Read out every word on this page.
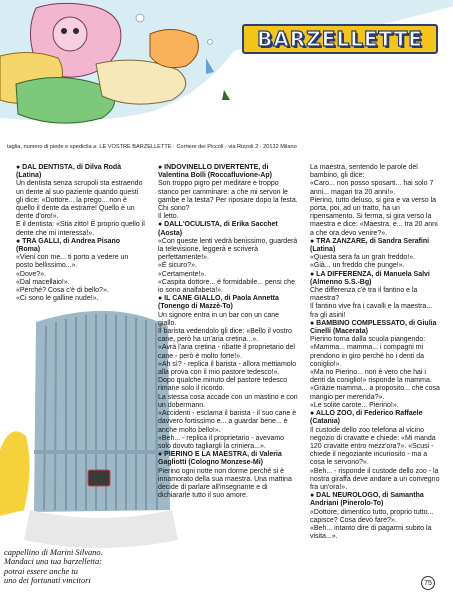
BARZELLETTE
taglia, numero di piede e spedicila a: LE VOSTRE BARZELLETTE · Corriere dei Piccoli · via Rizzoli 2 · 20132 Milano

● DAL DENTISTA, di Dilva Rodà (Latina)

Un dentista senza scrupoli sta estraendo un dente al suo paziente quando questi gli dice: «Dottore... la prego... non è quello il dente da estrarre! Quello è un dente d'oro!».

E il dentista: «Stia zitto! È proprio quello il dente che mi interessa!».

● TRA GALLI, di Andrea Pisano (Roma)

«Vieni con me... ti porto a vedere un posto bellissimo...».

«Dove?».

«Dal macellaio!».

«Perché? Cosa c'è di bello?».

«Ci sono le galline nude!».

● INDOVINELLO DIVERTENTE, di Valentina Bolli (Roccafluvione-Ap)

Son troppo pigro per meditare e troppo stanco per camminare: a che mi servon le gambe e la testa? Per riposare dopo la festa. Chi sono?

Il letto.

● DALL'OCULISTA, di Erika Sacchet (Aosta)

«Con queste lenti vedrà benissimo, guarderà la televisione, leggerà e scriverà perfettamente!».

«È sicuro?».

«Certamente!».

«Caspita dottore... è formidabile... pensi che io sono analfabeta!».

● IL CANE GIALLO, di Paola Annetta (Tonengo di Mazzè-To)

Un signore entra in un bar con un cane giallo.

Il barista vedendolo gli dice: «Bello il vostro cane, però ha un'aria cretina...».

«Avrà l'aria cretina - ribatte il proprietario del cane - però è molto forte!».

«Ah sì? - replica il barista - allora mettiamolo alla prova con il mio pastore tedesco!».

Dopo qualche minuto del pastore tedesco rimane solo il ricordo.

La stessa cosa accade con un mastino e con un dobermann.

«Accidenti - esclama il barista - il suo cane è davvero fortissimo e... a guardar bene... è anche molto bello!».

«Beh... - replica il proprietario - avevamo solo dovuto tagliargli la criniera...».

● PIERINO E LA MAESTRA, di Valeria Gagliotti (Cologno Monzese-Mi)

Pierino ogni notte non dorme perché si è innamorato della sua maestra. Una mattina decide di parlare all'insegnante e di dichiararle tutto il suo amore.

La maestra, sentendo le parole del bambino, gli dice:

«Caro... non posso sposarti... hai solo 7 anni... magari tra 20 anni!».

Pierino, tutto deluso, si gira e va verso la porta, poi, ad un tratto, ha un ripensamento. Si ferma, si gira verso la maestra e dice: «Maestra, e... tra 20 anni a che ora devo venire?».

● TRA ZANZARE, di Sandra Serafini (Latina)

«Questa sera fa un gran freddo!».

«Già... un freddo che punge!».

● LA DIFFERENZA, di Manuela Salvi (Almenno S.S.-Bg)

Che differenza c'è tra il fantino e la maestra?

Il fantino vive fra i cavalli e la maestra... fra gli asini!

● BAMBINO COMPLESSATO, di Giulia Cinelli (Macerata)

Pierino torna dalla scuola piangendo: «Mamma... mamma... i compagni mi prendono in giro perché ho i denti da coniglio!».

«Ma no Pierino... non è vero che hai i denti da coniglio!» risponde la mamma.

«Grazie mamma... a proposito... che cosa mangio per merenda?».

«Le solite carote... Pierino!».

● ALLO ZOO, di Federico Raffaele (Catania)

Il custode dello zoo telefona al vicino negozio di cravatte e chiede: «Mi manda 120 cravatte entro mezz'ora?». «Scusi - chiede il negoziante incuriosito - ma a cosa le servono?».

«Beh... - risponde il custode dello zoo - la nostra giraffa deve andare a un convegno fra un'ora!».

● DAL NEUROLOGO, di Samantha Andriani (Pinerolo-To)

«Dottore, dimentico tutto, proprio tutto... capisce? Cosa devo fare?».

«Beh... intanto dire di pagarmi subito la visita...».

cappellino di Marini Silvano.

Mandaci una tua barzelletta:

potrai essere anche tu

uno dei fortunati vincitori	75
